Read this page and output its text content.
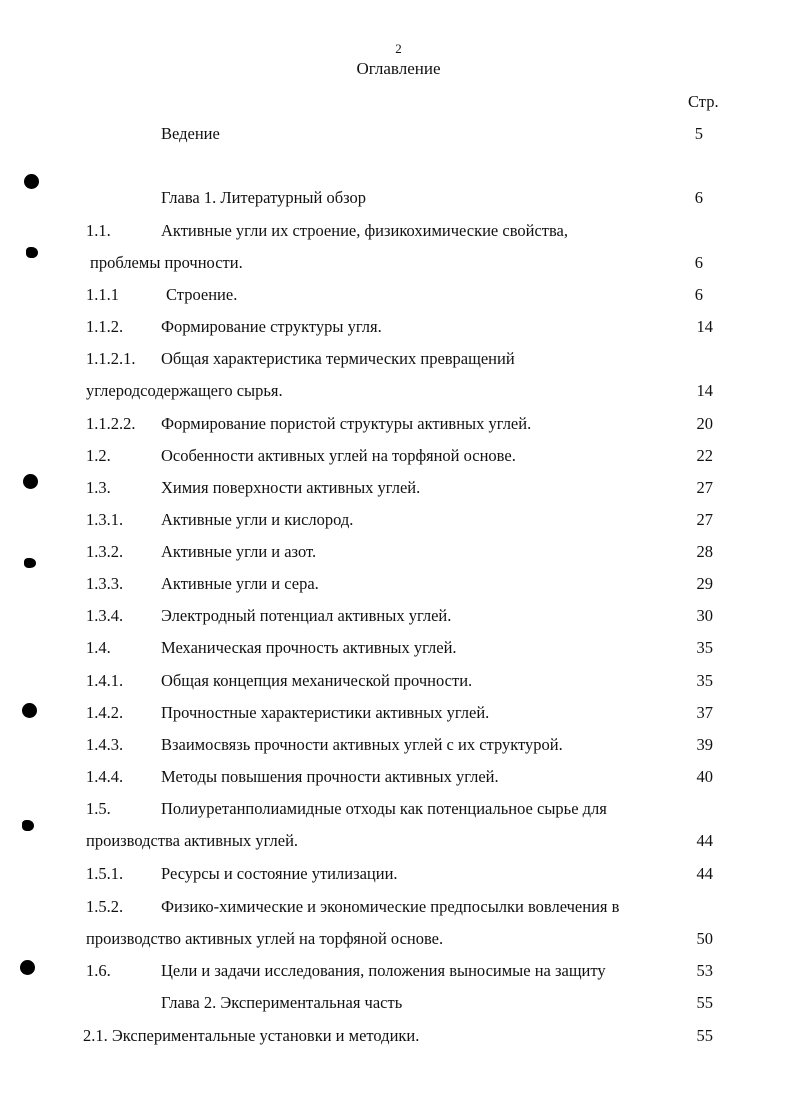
2
Оглавление
Стр.
Ведение	5
Глава 1. Литературный обзор	6
1.1.	Активные угли их строение, физикохимические свойства,
проблемы прочности.	6
1.1.1	Строение.	6
1.1.2. Формирование структуры угля.	14
1.1.2.1. Общая характеристика термических превращений
углеродсодержащего сырья.	14
1.1.2.2. Формирование пористой структуры активных углей.	20
1.2.	Особенности активных углей на торфяной основе.	22
1.3.	Химия поверхности активных углей.	27
1.3.1. Активные угли и кислород.	27
1.3.2. Активные угли и азот.	28
1.3.3. Активные угли и сера.	29
1.3.4. Электродный потенциал активных углей.	30
1.4.	Механическая прочность активных углей.	35
1.4.1. Общая концепция механической прочности.	35
1.4.2. Прочностные характеристики активных углей.	37
1.4.3. Взаимосвязь прочности активных углей с их структурой.	39
1.4.4. Методы повышения прочности активных углей.	40
1.5.	Полиуретанполиамидные отходы как потенциальное сырье для
производства активных углей.	44
1.5.1. Ресурсы и состояние утилизации.	44
1.5.2. Физико-химические и экономические предпосылки вовлечения в
производство активных углей на торфяной основе.	50
1.6.	Цели и задачи исследования, положения выносимые на защиту	53
Глава 2. Экспериментальная часть	55
2.1. Экспериментальные установки и методики.	55
